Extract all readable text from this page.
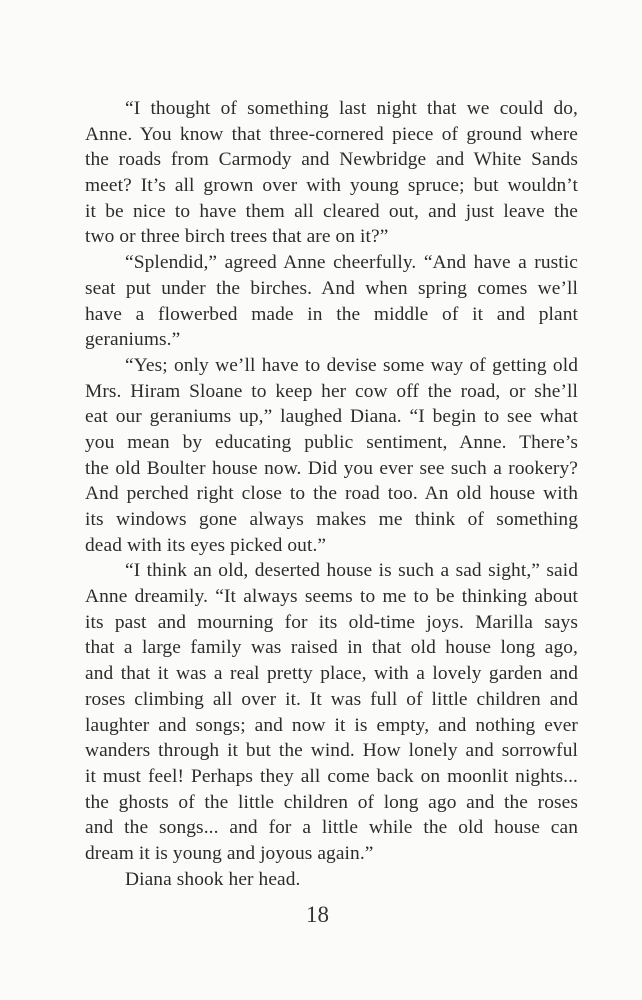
“I thought of something last night that we could do,
Anne. You know that three-cornered piece of ground where
the roads from Carmody and Newbridge and White Sands
meet? It’s all grown over with young spruce; but wouldn’t
it be nice to have them all cleared out, and just leave the
two or three birch trees that are on it?”

“Splendid,” agreed Anne cheerfully. “And have a rustic
seat put under the birches. And when spring comes we’ll
have a flowerbed made in the middle of it and plant
geraniums.”

“Yes; only we’ll have to devise some way of getting old
Mrs. Hiram Sloane to keep her cow off the road, or she’ll
eat our geraniums up,” laughed Diana. “I begin to see what
you mean by educating public sentiment, Anne. There’s
the old Boulter house now. Did you ever see such a rookery?
And perched right close to the road too. An old house with
its windows gone always makes me think of something
dead with its eyes picked out.”

“I think an old, deserted house is such a sad sight,” said
Anne dreamily. “It always seems to me to be thinking about
its past and mourning for its old-time joys. Marilla says
that a large family was raised in that old house long ago,
and that it was a real pretty place, with a lovely garden and
roses climbing all over it. It was full of little children and
laughter and songs; and now it is empty, and nothing ever
wanders through it but the wind. How lonely and sorrowful
it must feel! Perhaps they all come back on moonlit nights...
the ghosts of the little children of long ago and the roses
and the songs... and for a little while the old house can
dream it is young and joyous again.”

Diana shook her head.

18
